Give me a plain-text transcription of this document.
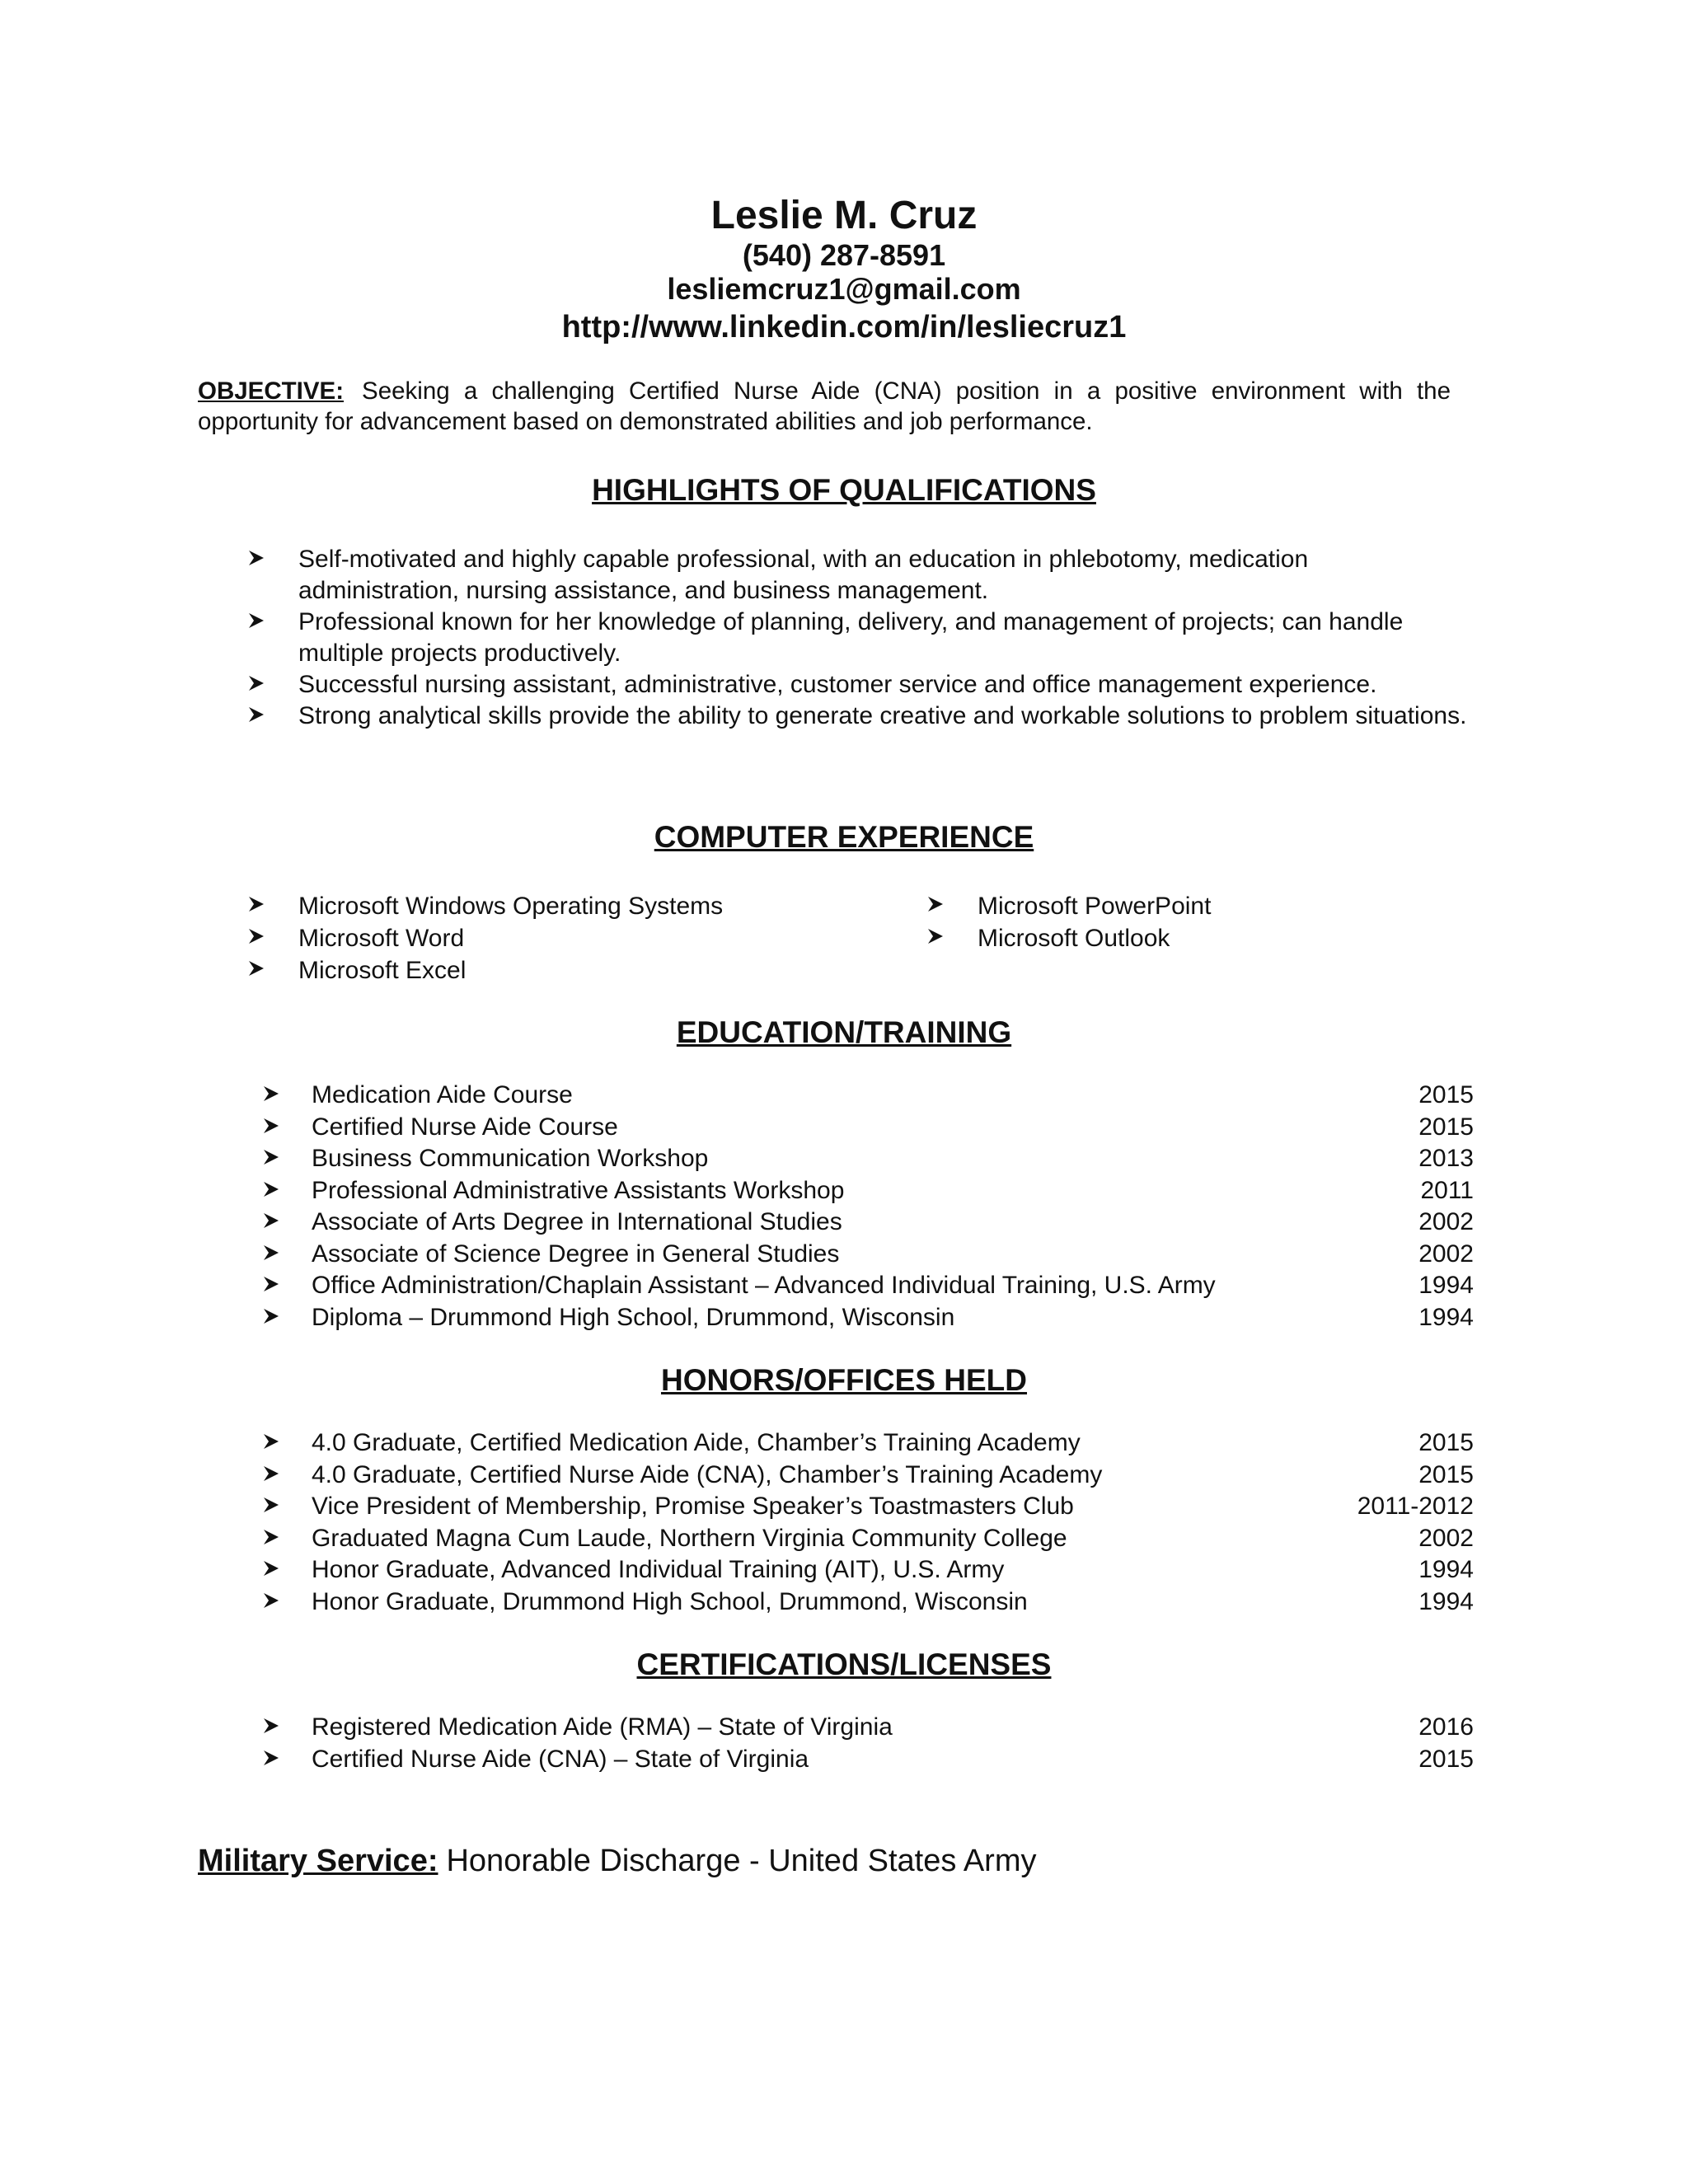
Leslie M. Cruz
(540) 287-8591
lesliemcruz1@gmail.com
http://www.linkedin.com/in/lesliecruz1
OBJECTIVE: Seeking a challenging Certified Nurse Aide (CNA) position in a positive environment with the opportunity for advancement based on demonstrated abilities and job performance.
HIGHLIGHTS OF QUALIFICATIONS
Self-motivated and highly capable professional, with an education in phlebotomy, medication administration, nursing assistance, and business management.
Professional known for her knowledge of planning, delivery, and management of projects; can handle multiple projects productively.
Successful nursing assistant, administrative, customer service and office management experience.
Strong analytical skills provide the ability to generate creative and workable solutions to problem situations.
COMPUTER EXPERIENCE
Microsoft Windows Operating Systems
Microsoft Word
Microsoft Excel
Microsoft PowerPoint
Microsoft Outlook
EDUCATION/TRAINING
Medication Aide Course	2015
Certified Nurse Aide Course	2015
Business Communication Workshop	2013
Professional Administrative Assistants Workshop	2011
Associate of Arts Degree in International Studies	2002
Associate of Science Degree in General Studies	2002
Office Administration/Chaplain Assistant – Advanced Individual Training, U.S. Army	1994
Diploma – Drummond High School, Drummond, Wisconsin	1994
HONORS/OFFICES HELD
4.0 Graduate, Certified Medication Aide, Chamber’s Training Academy	2015
4.0 Graduate, Certified Nurse Aide (CNA), Chamber’s Training Academy	2015
Vice President of Membership, Promise Speaker’s Toastmasters Club	2011-2012
Graduated Magna Cum Laude, Northern Virginia Community College	2002
Honor Graduate, Advanced Individual Training (AIT), U.S. Army	1994
Honor Graduate, Drummond High School, Drummond, Wisconsin	1994
CERTIFICATIONS/LICENSES
Registered Medication Aide (RMA) – State of Virginia	2016
Certified Nurse Aide (CNA) – State of Virginia	2015
Military Service: Honorable Discharge - United States Army
